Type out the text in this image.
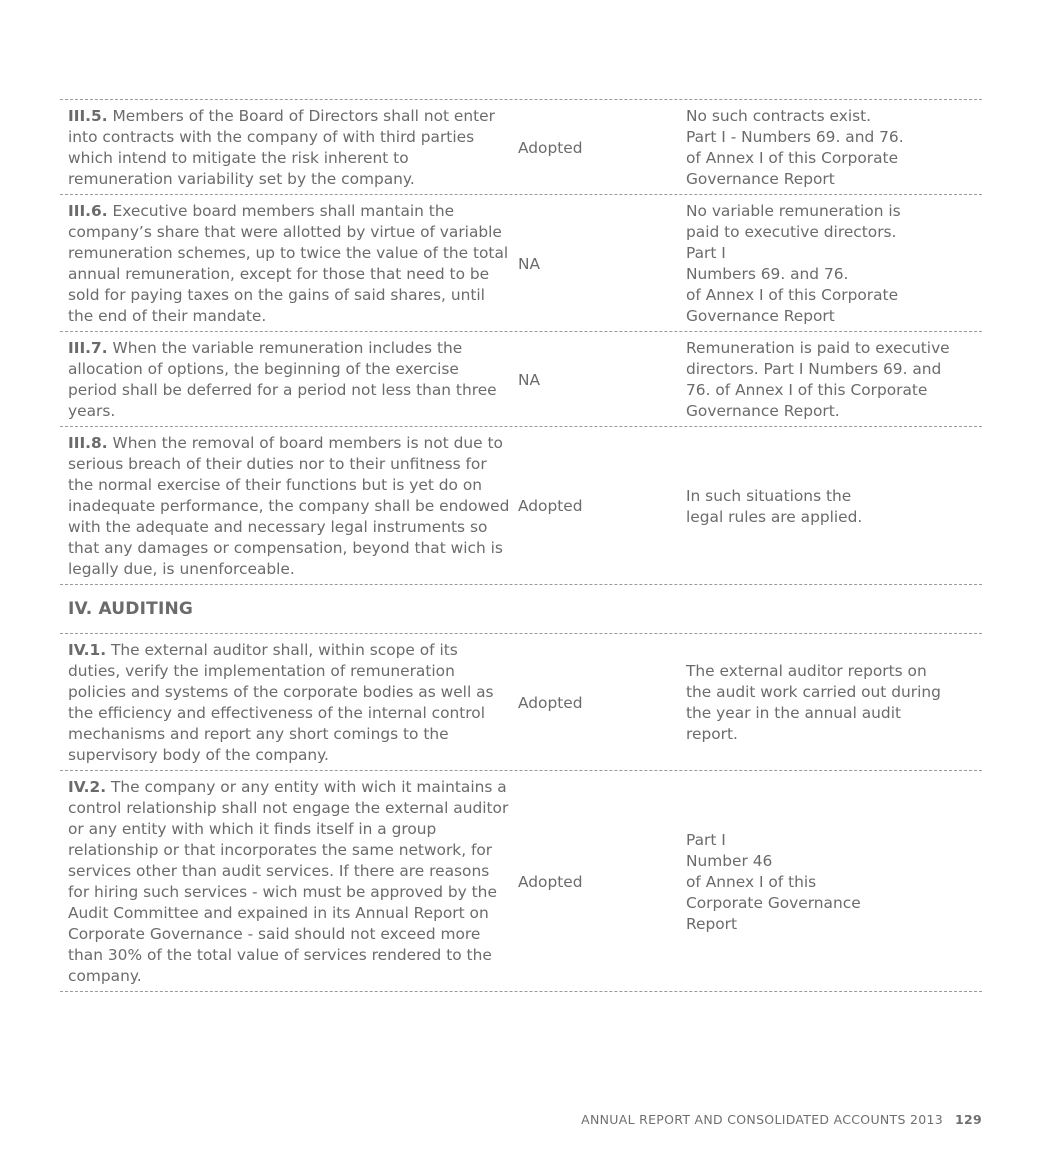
III.5. Members of the Board of Directors shall not enter into contracts with the company of with third parties which intend to mitigate the risk inherent to remuneration variability set by the company.
Adopted
No such contracts exist.
Part I - Numbers 69. and 76.
of Annex I of this Corporate
Governance Report
III.6. Executive board members shall mantain the company’s share that were allotted by virtue of variable remuneration schemes, up to twice the value of the total annual remuneration, except for those that need to be sold for paying taxes on the gains of said shares, until the end of their mandate.
NA
No variable remuneration is
paid to executive directors.
Part I
Numbers 69. and 76.
of Annex I of this Corporate
Governance Report
III.7. When the variable remuneration includes the allocation of options, the beginning of the exercise period shall be deferred for a period not less than three years.
NA
Remuneration is paid to executive
directors. Part I Numbers 69. and
76. of Annex I of this Corporate
Governance Report.
III.8. When the removal of board members is not due to serious breach of their duties nor to their unfitness for the normal exercise of their functions but is yet do on inadequate performance, the company shall be endowed with the adequate and necessary legal instruments so that any damages or compensation, beyond that wich is legally due, is unenforceable.
Adopted
In such situations the
legal rules are applied.
IV. AUDITING
IV.1. The external auditor shall, within scope of its duties, verify the implementation of remuneration policies and systems of the corporate bodies as well as the efficiency and effectiveness of the internal control mechanisms and report any short comings to the supervisory body of the company.
Adopted
The external auditor reports on
the audit work carried out during
the year in the annual audit
report.
IV.2. The company or any entity with wich it maintains a control relationship shall not engage the external auditor or any entity with which it finds itself in a group relationship or that incorporates the same network, for services other than audit services. If there are reasons for hiring such services - wich must be approved by the Audit Committee and expained in its Annual Report on Corporate Governance - said should not exceed more than 30% of the total value of services rendered to the company.
Adopted
Part I
Number 46
of Annex I of this
Corporate Governance
Report
ANNUAL REPORT AND CONSOLIDATED ACCOUNTS 2013 129
